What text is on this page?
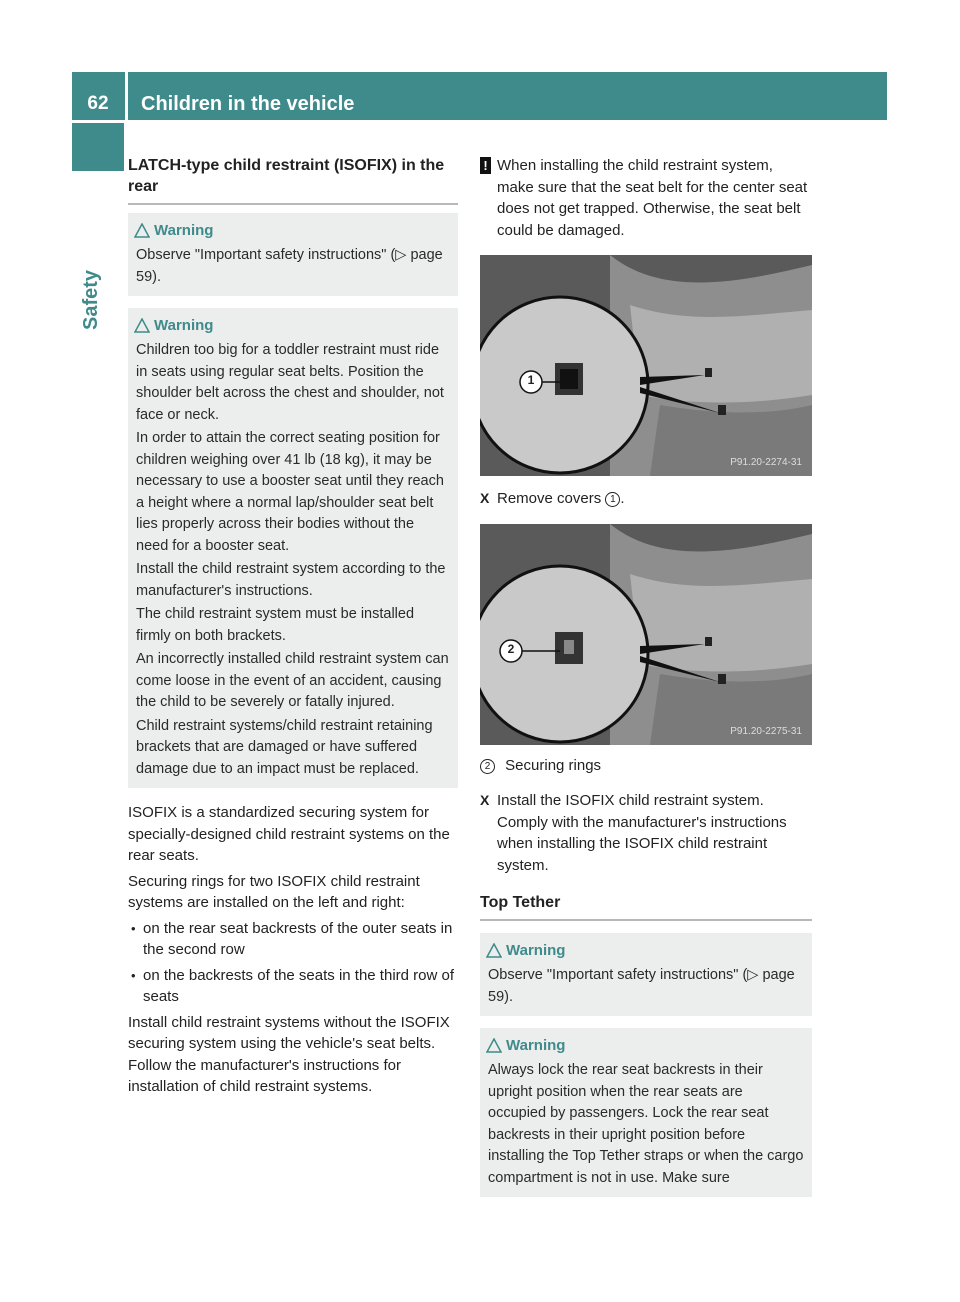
62	Children in the vehicle
Safety

LATCH-type child restraint (ISOFIX) in the rear

Warning

Observe "Important safety instructions" (▷ page 59).

Warning

Children too big for a toddler restraint must ride in seats using regular seat belts. Position the shoulder belt across the chest and shoulder, not face or neck.

In order to attain the correct seating position for children weighing over 41 lb (18 kg), it may be necessary to use a booster seat until they reach a height where a normal lap/shoulder seat belt lies properly across their bodies without the need for a booster seat.

Install the child restraint system according to the manufacturer's instructions.

The child restraint system must be installed firmly on both brackets.

An incorrectly installed child restraint system can come loose in the event of an accident, causing the child to be severely or fatally injured.

Child restraint systems/child restraint retaining brackets that are damaged or have suffered damage due to an impact must be replaced.

ISOFIX is a standardized securing system for specially-designed child restraint systems on the rear seats.

Securing rings for two ISOFIX child restraint systems are installed on the left and right:

• on the rear seat backrests of the outer seats in the second row

• on the backrests of the seats in the third row of seats

Install child restraint systems without the ISOFIX securing system using the vehicle's seat belts. Follow the manufacturer's instructions for installation of child restraint systems.

! When installing the child restraint system, make sure that the seat belt for the center seat does not get trapped. Otherwise, the seat belt could be damaged.

1
P91.20-2274-31

X Remove covers 1 .

2
P91.20-2275-31

2 Securing rings

X Install the ISOFIX child restraint system. Comply with the manufacturer's instructions when installing the ISOFIX child restraint system.

Top Tether

Warning

Observe "Important safety instructions" (▷ page 59).

Warning

Always lock the rear seat backrests in their upright position when the rear seats are occupied by passengers. Lock the rear seat backrests in their upright position before installing the Top Tether straps or when the cargo compartment is not in use. Make sure
